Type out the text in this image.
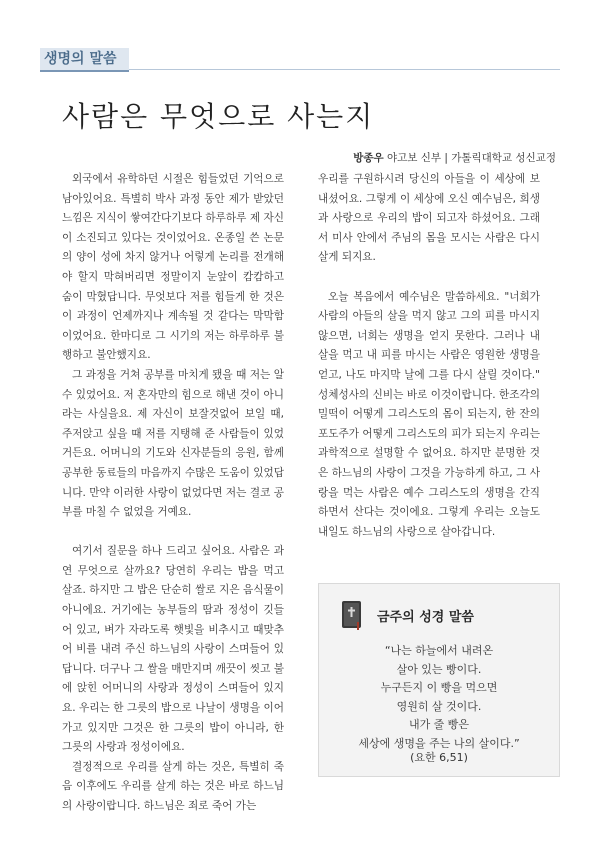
생명의 말씀
사람은 무엇으로 사는지
방종우 야고보 신부 | 가톨릭대학교 성신교정

외국에서 유학하던 시절은 힘들었던 기억으로 남아있어요. 특별히 박사 과정 동안 제가 받았던 느낌은 지식이 쌓여간다기보다 하루하루 제 자신이 소진되고 있다는 것이었어요. 온종일 쓴 논문의 양이 성에 차지 않거나 어렇게 논리를 전개해야 할지 막혀버리면 정말이지 눈앞이 캄캄하고 숨이 막혔답니다. 무엇보다 저를 힘들게 한 것은 이 과정이 언제까지나 계속될 것 같다는 막막함이었어요. 한마디로 그 시기의 저는 하루하루 불행하고 불안했지요.

그 과정을 거쳐 공부를 마치게 됐을 때 저는 알 수 있었어요. 저 혼자만의 힘으로 해낸 것이 아니라는 사실을요. 제 자신이 보잘것없어 보일 때, 주저앉고 싶을 때 저를 지탱해 준 사람들이 있었거든요. 어머니의 기도와 신자분들의 응원, 함께 공부한 동료들의 마음까지 수많은 도움이 있었답니다. 만약 이러한 사랑이 없었다면 저는 결코 공부를 마칠 수 없었을 거예요.

여기서 질문을 하나 드리고 싶어요. 사람은 과연 무엇으로 살까요? 당연히 우리는 밥을 먹고 살죠. 하지만 그 밥은 단순히 쌀로 지은 음식물이 아니에요. 거기에는 농부들의 땀과 정성이 깃들어 있고, 벼가 자라도록 햇빛을 비추시고 때맞추어 비를 내려 주신 하느님의 사랑이 스며들어 있답니다. 더구나 그 쌀을 매만지며 깨끗이 씻고 불에 앉힌 어머니의 사랑과 정성이 스며들어 있지요. 우리는 한 그릇의 밥으로 나날이 생명을 이어 가고 있지만 그것은 한 그릇의 밥이 아니라, 한 그릇의 사랑과 정성이에요.

결정적으로 우리를 살게 하는 것은, 특별히 죽음 이후에도 우리를 살게 하는 것은 바로 하느님의 사랑이랍니다. 하느님은 죄로 죽어 가는

우리를 구원하시려 당신의 아들을 이 세상에 보내셨어요. 그렇게 이 세상에 오신 예수님은, 희생과 사랑으로 우리의 밥이 되고자 하셨어요. 그래서 미사 안에서 주님의 몸을 모시는 사람은 다시 살게 되지요.

오늘 복음에서 예수님은 말씀하세요. "너희가 사람의 아들의 살을 먹지 않고 그의 피를 마시지 않으면, 너희는 생명을 얻지 못한다. 그러나 내 살을 먹고 내 피를 마시는 사람은 영원한 생명을 얻고, 나도 마지막 날에 그를 다시 살릴 것이다." 성체성사의 신비는 바로 이것이랍니다. 한조각의 밀떡이 어떻게 그리스도의 몸이 되는지, 한 잔의 포도주가 어떻게 그리스도의 피가 되는지 우리는 과학적으로 설명할 수 없어요. 하지만 분명한 것은 하느님의 사랑이 그것을 가능하게 하고, 그 사랑을 먹는 사람은 예수 그리스도의 생명을 간직하면서 산다는 것이에요. 그렇게 우리는 오늘도 내일도 하느님의 사랑으로 살아갑니다.

금주의 성경 말씀
“나는 하늘에서 내려온
살아 있는 빵이다.
누구든지 이 빵을 먹으면
영원히 살 것이다.
내가 줄 빵은
세상에 생명을 주는 나의 살이다.”
(요한 6,51)
